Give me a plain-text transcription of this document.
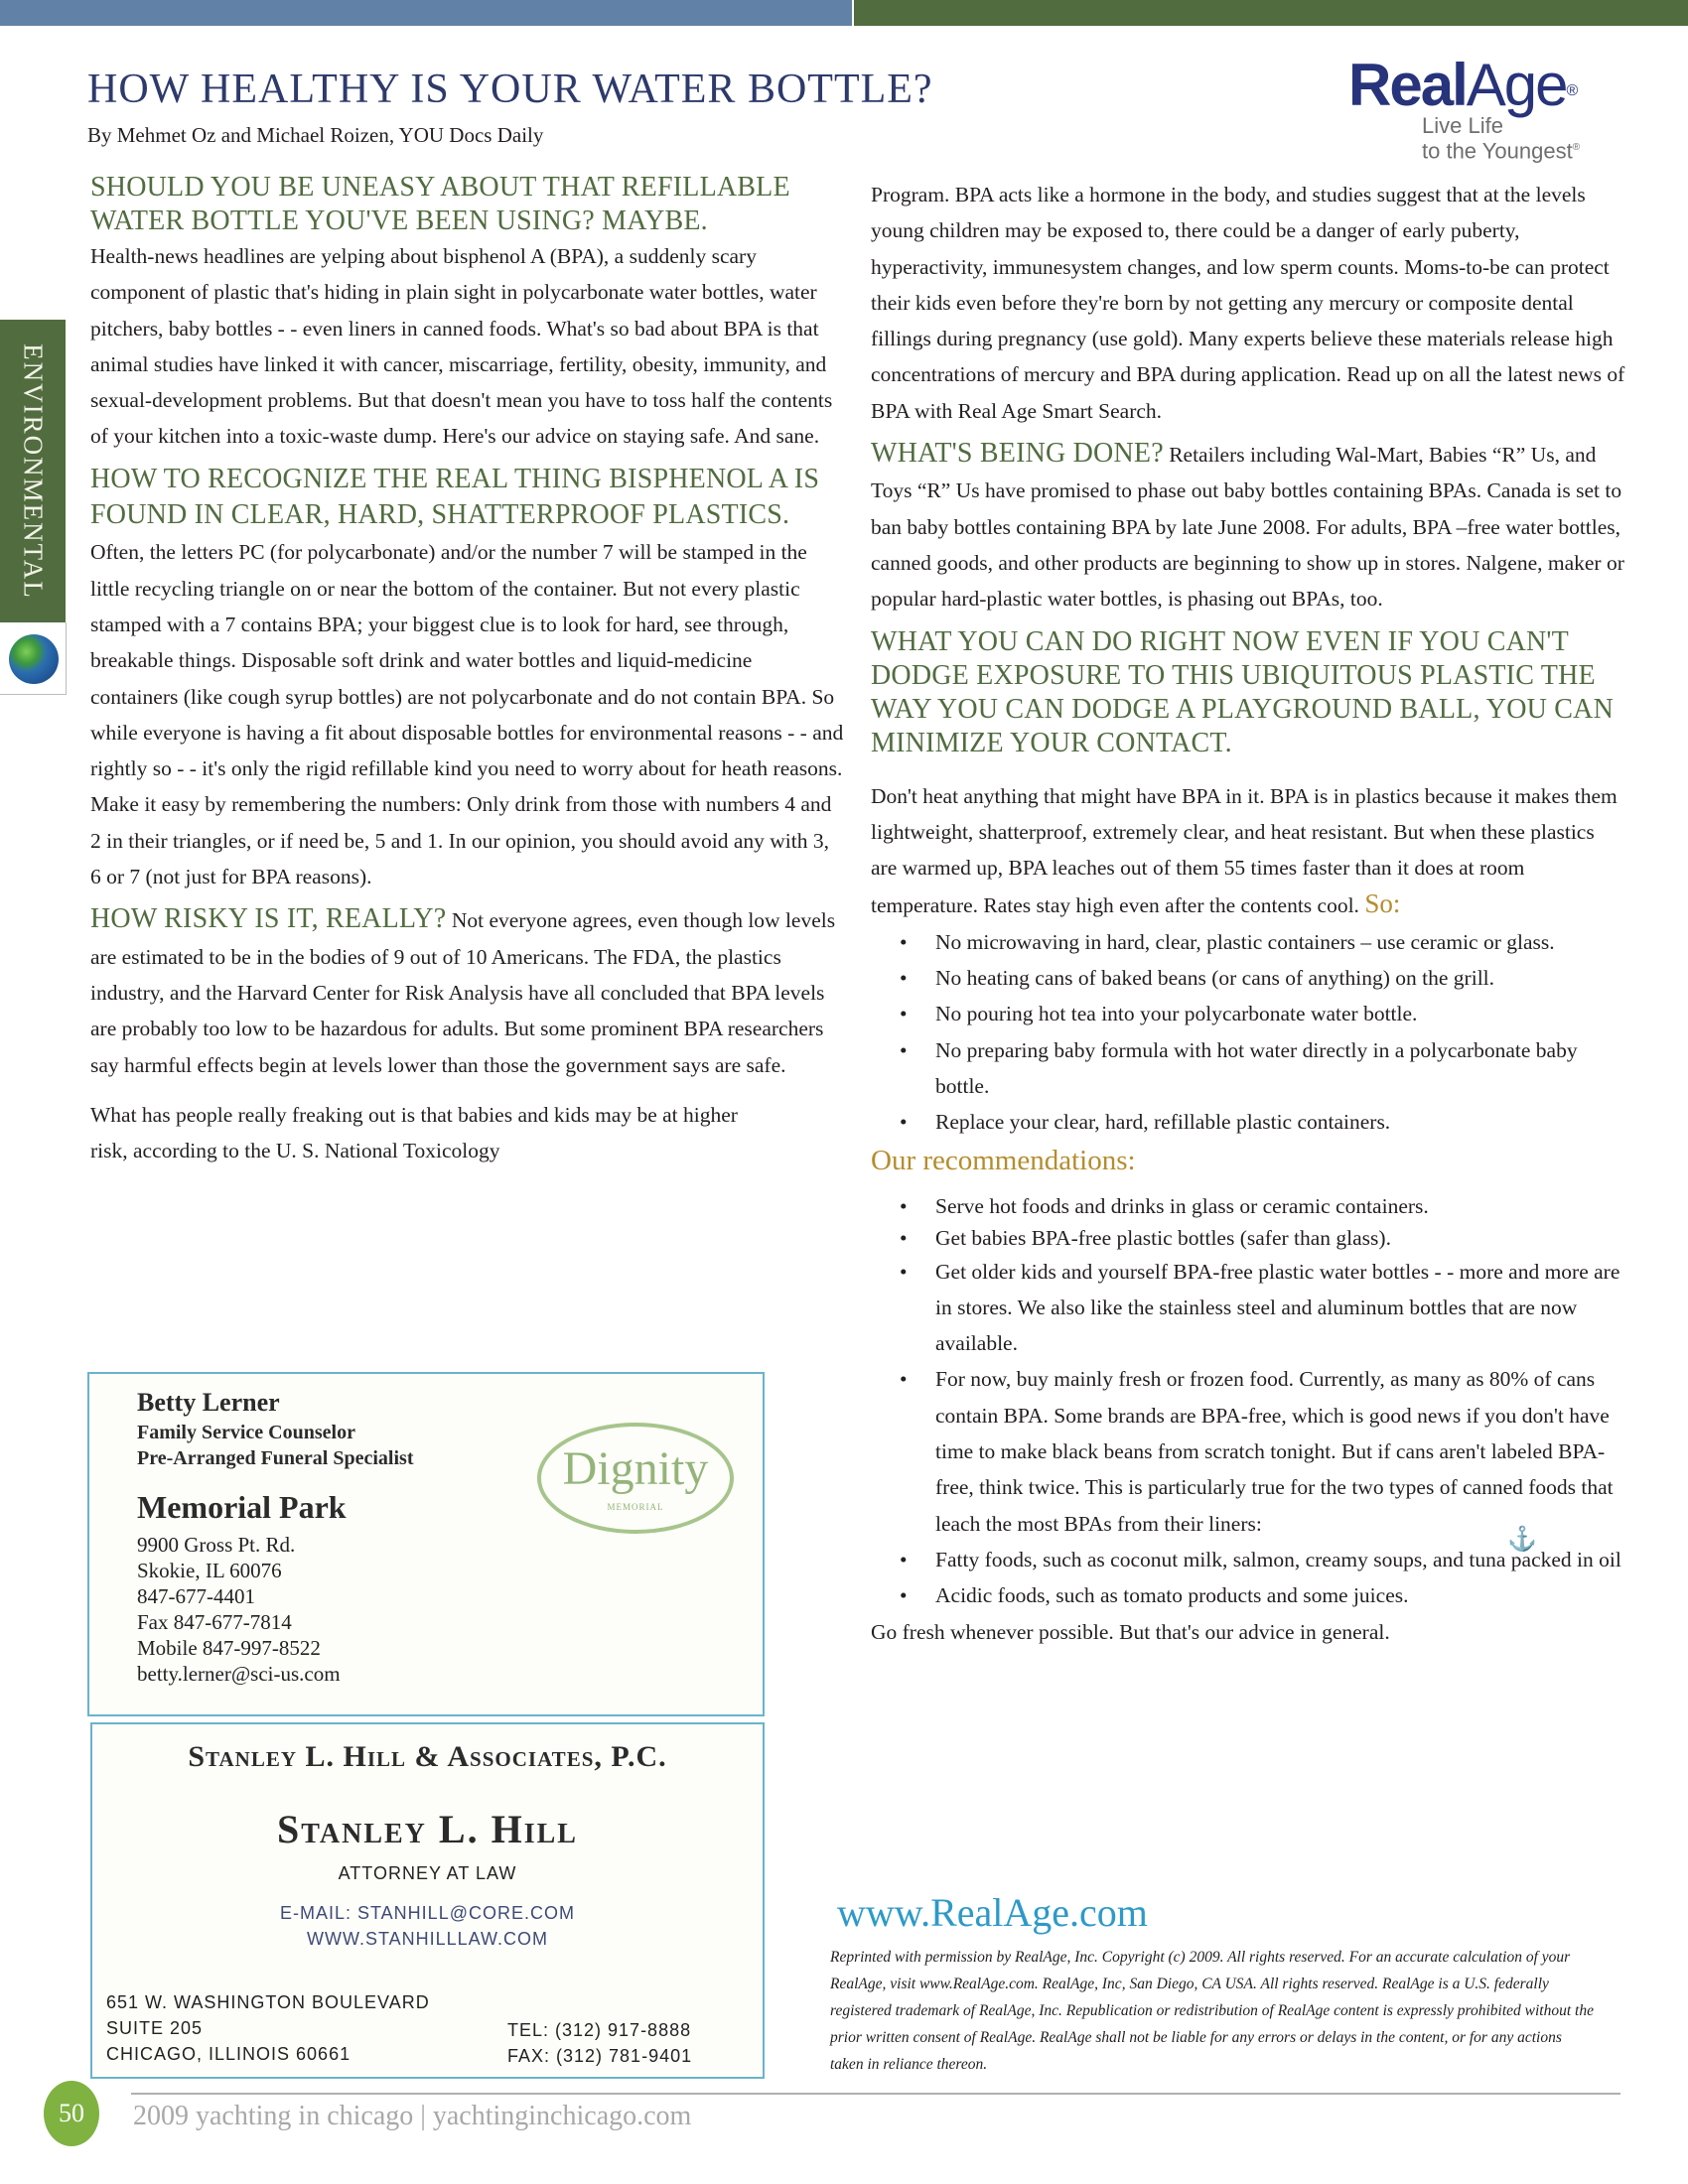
HOW HEALTHY IS YOUR WATER BOTTLE?
By Mehmet Oz and Michael Roizen, YOU Docs Daily
RealAge®
Live Life
to the Youngest®
ENVIRONMENTAL

SHOULD YOU BE UNEASY ABOUT THAT REFILLABLE WATER BOTTLE YOU'VE BEEN USING? MAYBE.

Health-news headlines are yelping about bisphenol A (BPA), a suddenly scary component of plastic that's hiding in plain sight in polycarbonate water bottles, water pitchers, baby bottles - - even liners in canned foods. What's so bad about BPA is that animal studies have linked it with cancer, miscarriage, fertility, obesity, immunity, and sexual-development problems. But that doesn't mean you have to toss half the contents of your kitchen into a toxic-waste dump. Here's our advice on staying safe. And sane.

HOW TO RECOGNIZE THE REAL THING BISPHENOL A IS FOUND IN CLEAR, HARD, SHATTERPROOF PLASTICS. Often, the letters PC (for polycarbonate) and/or the number 7 will be stamped in the little recycling triangle on or near the bottom of the container. But not every plastic stamped with a 7 contains BPA; your biggest clue is to look for hard, see through, breakable things. Disposable soft drink and water bottles and liquid-medicine containers (like cough syrup bottles) are not polycarbonate and do not contain BPA. So while everyone is having a fit about disposable bottles for environmental reasons - - and rightly so - - it's only the rigid refillable kind you need to worry about for heath reasons. Make it easy by remembering the numbers: Only drink from those with numbers 4 and 2 in their triangles, or if need be, 5 and 1. In our opinion, you should avoid any with 3, 6 or 7 (not just for BPA reasons).

HOW RISKY IS IT, REALLY? Not everyone agrees, even though low levels are estimated to be in the bodies of 9 out of 10 Americans. The FDA, the plastics industry, and the Harvard Center for Risk Analysis have all concluded that BPA levels are probably too low to be hazardous for adults. But some prominent BPA researchers say harmful effects begin at levels lower than those the government says are safe.

What has people really freaking out is that babies and kids may be at higher risk, according to the U. S. National Toxicology

Program. BPA acts like a hormone in the body, and studies suggest that at the levels young children may be exposed to, there could be a danger of early puberty, hyperactivity, immunesystem changes, and low sperm counts. Moms-to-be can protect their kids even before they're born by not getting any mercury or composite dental fillings during pregnancy (use gold). Many experts believe these materials release high concentrations of mercury and BPA during application. Read up on all the latest news of BPA with Real Age Smart Search.

WHAT'S BEING DONE? Retailers including Wal-Mart, Babies “R” Us, and Toys “R” Us have promised to phase out baby bottles containing BPAs. Canada is set to ban baby bottles containing BPA by late June 2008. For adults, BPA –free water bottles, canned goods, and other products are beginning to show up in stores. Nalgene, maker or popular hard-plastic water bottles, is phasing out BPAs, too.

WHAT YOU CAN DO RIGHT NOW EVEN IF YOU CAN'T DODGE EXPOSURE TO THIS UBIQUITOUS PLASTIC THE WAY YOU CAN DODGE A PLAYGROUND BALL, YOU CAN MINIMIZE YOUR CONTACT.

Don't heat anything that might have BPA in it. BPA is in plastics because it makes them lightweight, shatterproof, extremely clear, and heat resistant. But when these plastics are warmed up, BPA leaches out of them 55 times faster than it does at room temperature. Rates stay high even after the contents cool. So:

• No microwaving in hard, clear, plastic containers – use ceramic or glass.
• No heating cans of baked beans (or cans of anything) on the grill.
• No pouring hot tea into your polycarbonate water bottle.
• No preparing baby formula with hot water directly in a polycarbonate baby bottle.
• Replace your clear, hard, refillable plastic containers.

Our recommendations:

• Serve hot foods and drinks in glass or ceramic containers.
• Get babies BPA-free plastic bottles (safer than glass).
• Get older kids and yourself BPA-free plastic water bottles - - more and more are in stores. We also like the stainless steel and aluminum bottles that are now available.
• For now, buy mainly fresh or frozen food. Currently, as many as 80% of cans contain BPA. Some brands are BPA-free, which is good news if you don't have time to make black beans from scratch tonight. But if cans aren't labeled BPA-free, think twice. This is particularly true for the two types of canned foods that leach the most BPAs from their liners:
• Fatty foods, such as coconut milk, salmon, creamy soups, and tuna packed in oil
• Acidic foods, such as tomato products and some juices.

Go fresh whenever possible. But that's our advice in general.

⚓
Betty Lerner
Family Service Counselor
Pre-Arranged Funeral Specialist
Memorial Park
9900 Gross Pt. Rd.
Skokie, IL 60076
847-677-4401
Fax 847-677-7814
Mobile 847-997-8522
betty.lerner@sci-us.com
Dignity
MEMORIAL
Stanley L. Hill & Associates, P.C.
Stanley L. Hill
ATTORNEY AT LAW
E-MAIL: STANHILL@CORE.COM
WWW.STANHILLLAW.COM
651 W. WASHINGTON BOULEVARD
SUITE 205
CHICAGO, ILLINOIS 60661
TEL: (312) 917-8888
FAX: (312) 781-9401
www.RealAge.com
Reprinted with permission by RealAge, Inc. Copyright (c) 2009. All rights reserved. For an accurate calculation of your RealAge, visit www.RealAge.com. RealAge, Inc, San Diego, CA USA. All rights reserved. RealAge is a U.S. federally registered trademark of RealAge, Inc. Republication or redistribution of RealAge content is expressly prohibited without the prior written consent of RealAge. RealAge shall not be liable for any errors or delays in the content, or for any actions taken in reliance thereon.
50	2009 yachting in chicago | yachtinginchicago.com
